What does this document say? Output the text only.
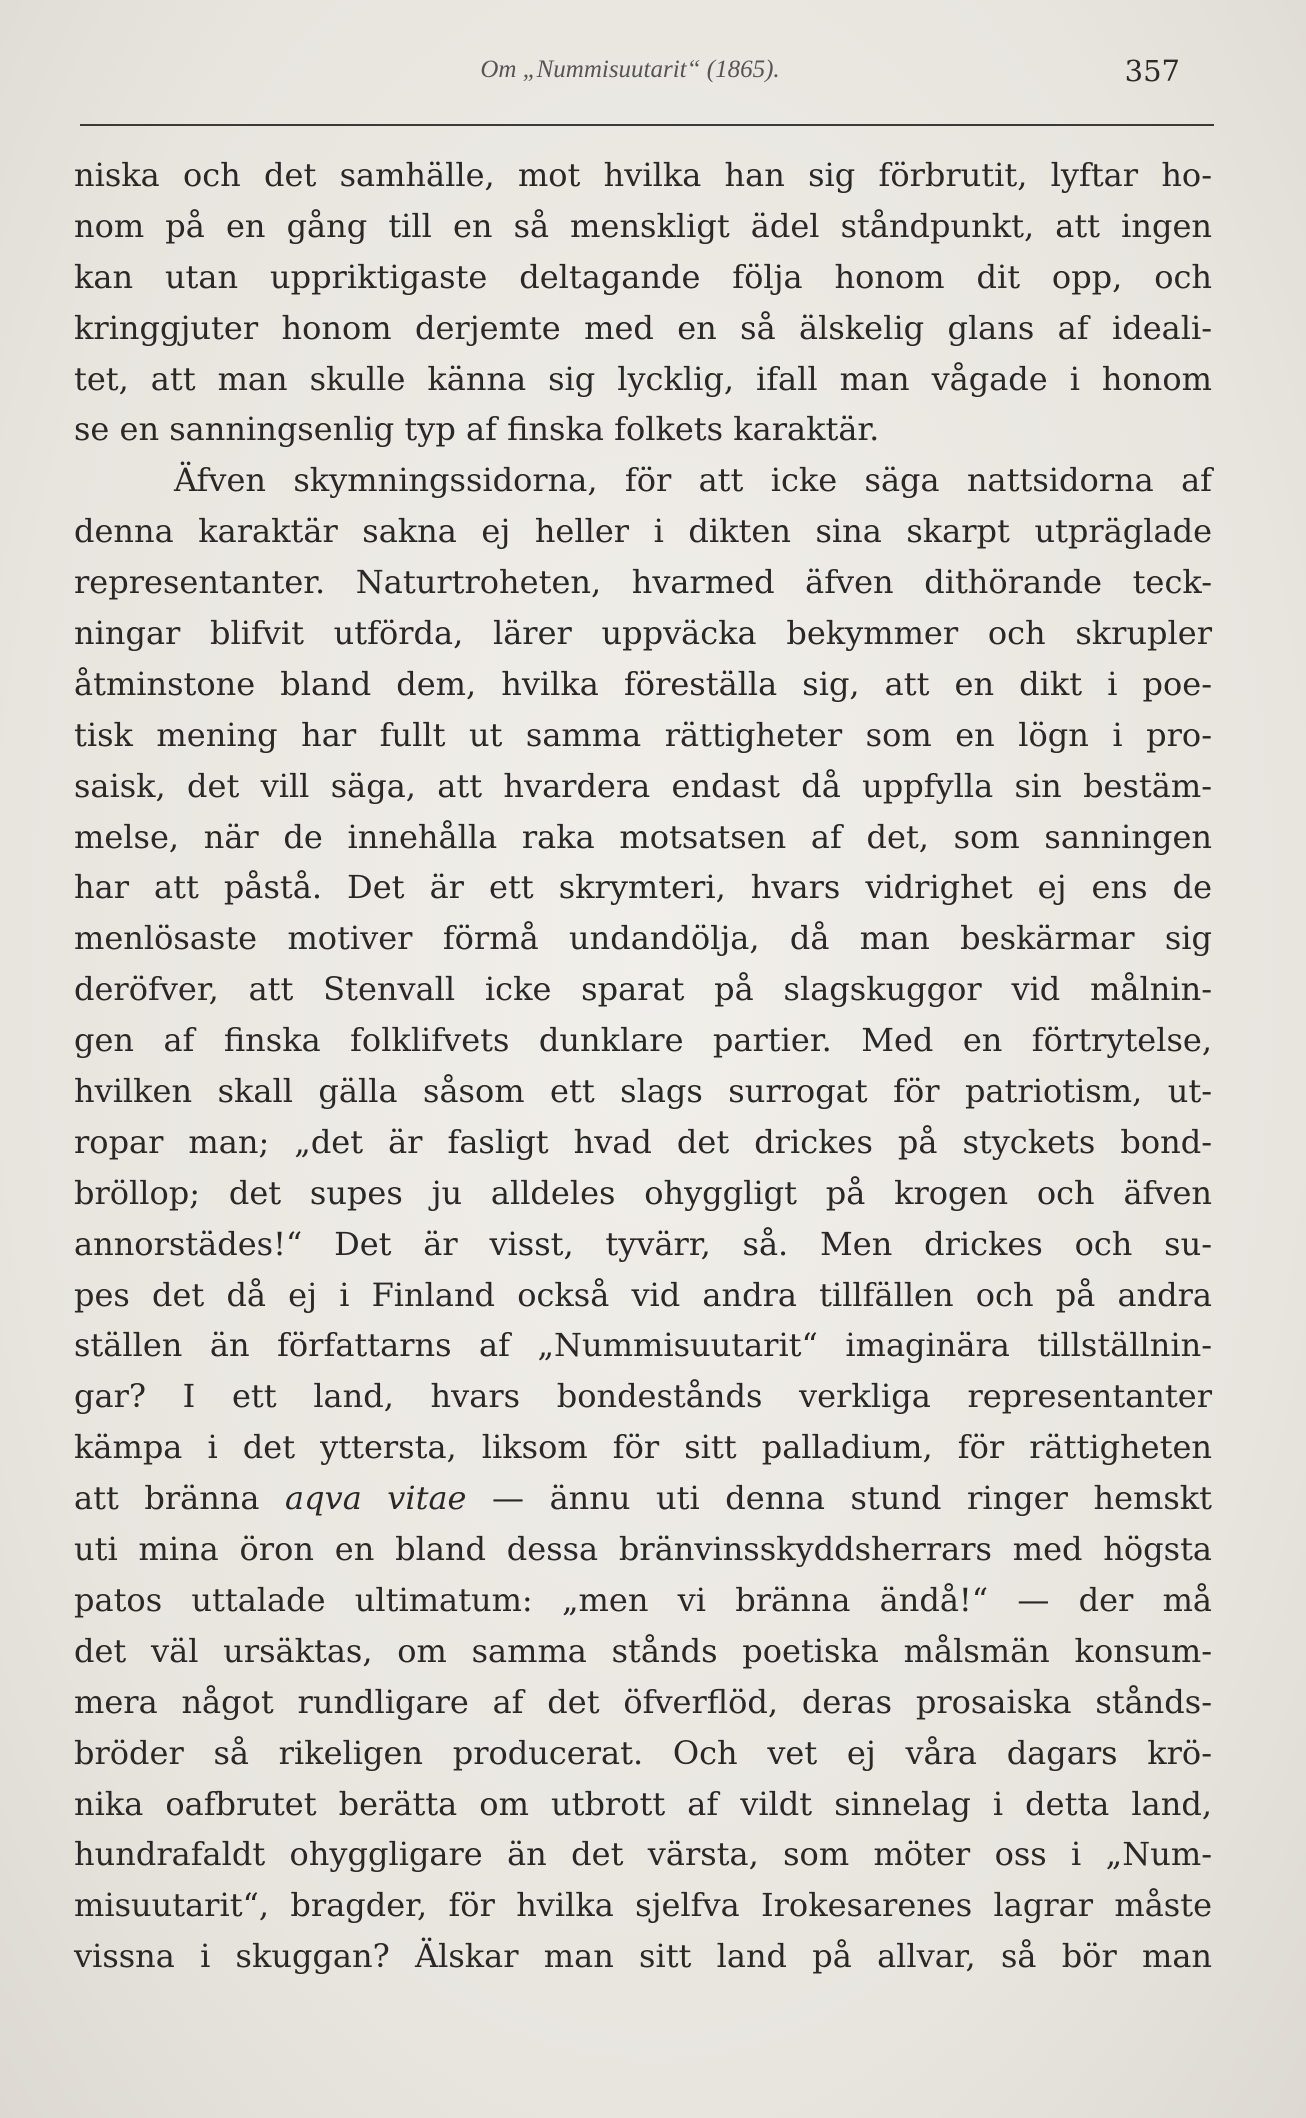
Om „Nummisuutarit“ (1865).	357
niska och det samhälle, mot hvilka han sig förbrutit, lyftar ho-
nom på en gång till en så menskligt ädel ståndpunkt, att ingen
kan utan uppriktigaste deltagande följa honom dit opp, och
kringgjuter honom derjemte med en så älskelig glans af ideali-
tet, att man skulle känna sig lycklig, ifall man vågade i honom
se en sanningsenlig typ af finska folkets karaktär.
Äfven skymningssidorna, för att icke säga nattsidorna af
denna karaktär sakna ej heller i dikten sina skarpt utpräglade
representanter. Naturtroheten, hvarmed äfven dithörande teck-
ningar blifvit utförda, lärer uppväcka bekymmer och skrupler
åtminstone bland dem, hvilka föreställa sig, att en dikt i poe-
tisk mening har fullt ut samma rättigheter som en lögn i pro-
saisk, det vill säga, att hvardera endast då uppfylla sin bestäm-
melse, när de innehålla raka motsatsen af det, som sanningen
har att påstå. Det är ett skrymteri, hvars vidrighet ej ens de
menlösaste motiver förmå undandölja, då man beskärmar sig
deröfver, att Stenvall icke sparat på slagskuggor vid målnin-
gen af finska folklifvets dunklare partier. Med en förtrytelse,
hvilken skall gälla såsom ett slags surrogat för patriotism, ut-
ropar man; „det är fasligt hvad det drickes på styckets bond-
bröllop; det supes ju alldeles ohyggligt på krogen och äfven
annorstädes!“ Det är visst, tyvärr, så. Men drickes och su-
pes det då ej i Finland också vid andra tillfällen och på andra
ställen än författarns af „Nummisuutarit“ imaginära tillställnin-
gar? I ett land, hvars bondestånds verkliga representanter
kämpa i det yttersta, liksom för sitt palladium, för rättigheten
att bränna aqva vitae — ännu uti denna stund ringer hemskt
uti mina öron en bland dessa bränvinsskyddsherrars med högsta
patos uttalade ultimatum: „men vi bränna ändå!“ — der må
det väl ursäktas, om samma stånds poetiska målsmän konsum-
mera något rundligare af det öfverflöd, deras prosaiska stånds-
bröder så rikeligen producerat. Och vet ej våra dagars krö-
nika oafbrutet berätta om utbrott af vildt sinnelag i detta land,
hundrafaldt ohyggligare än det värsta, som möter oss i „Num-
misuutarit“, bragder, för hvilka sjelfva Irokesarenes lagrar måste
vissna i skuggan? Älskar man sitt land på allvar, så bör man
